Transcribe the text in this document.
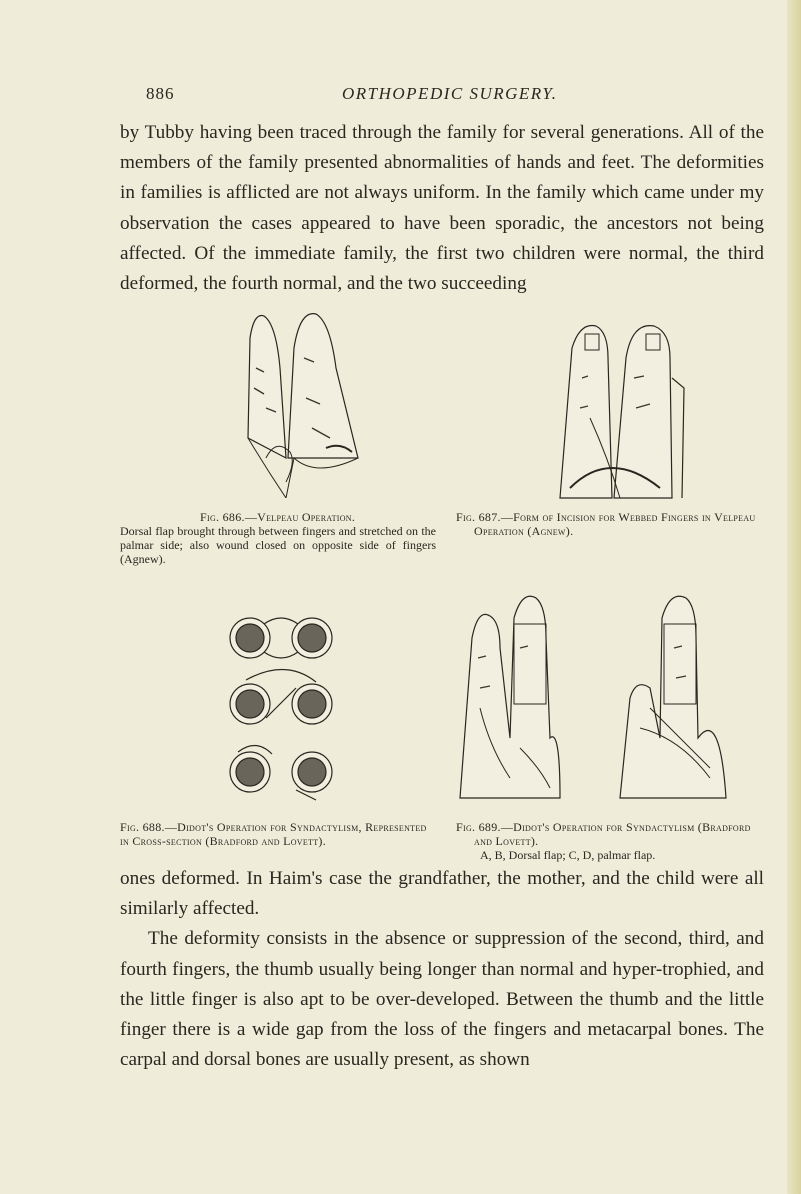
886	ORTHOPEDIC SURGERY.

by Tubby having been traced through the family for several generations. All of the members of the family presented abnormalities of hands and feet. The deformities in families is afflicted are not always uniform. In the family which came under my observation the cases appeared to have been sporadic, the ancestors not being affected. Of the immediate family, the first two children were normal, the third deformed, the fourth normal, and the two succeeding

Fig. 686.—Velpeau Operation.
Dorsal flap brought through between fingers and stretched on the palmar side; also wound closed on opposite side of fingers (Agnew).
Fig. 687.—Form of Incision for Webbed Fingers in Velpeau Operation (Agnew).
Fig. 688.—Didot's Operation for Syndactylism, Represented in Cross-section (Bradford and Lovett).
Fig. 689.—Didot's Operation for Syndactylism (Bradford and Lovett).
A, B, Dorsal flap; C, D, palmar flap.

ones deformed. In Haim's case the grandfather, the mother, and the child were all similarly affected.

The deformity consists in the absence or suppression of the second, third, and fourth fingers, the thumb usually being longer than normal and hyper-trophied, and the little finger is also apt to be over-developed. Between the thumb and the little finger there is a wide gap from the loss of the fingers and metacarpal bones. The carpal and dorsal bones are usually present, as shown
